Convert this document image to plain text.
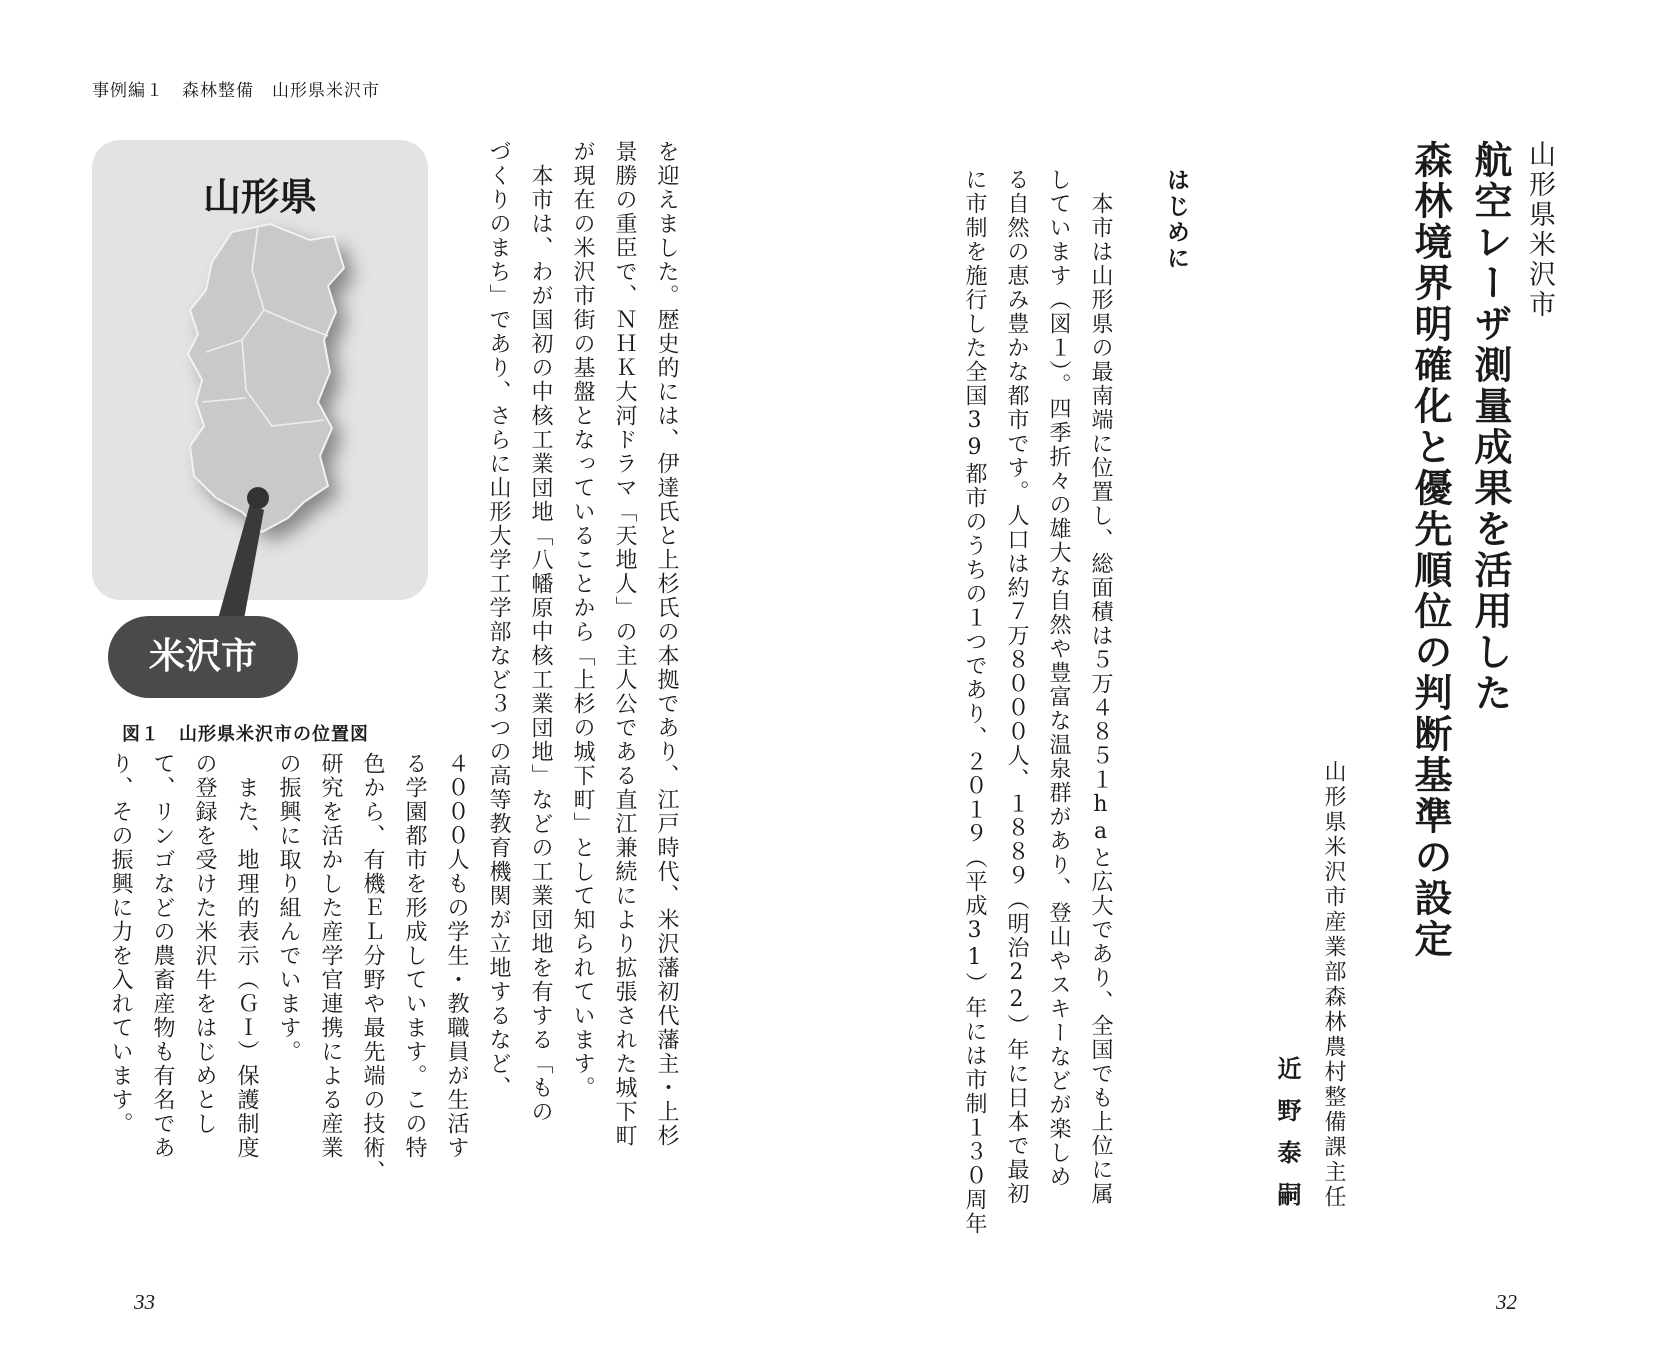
事例編１　森林整備　山形県米沢市
山形県
米沢市
図１　山形県米沢市の位置図	を迎えました。歴史的には、伊達氏と上杉氏の本拠であり、江戸時代、米沢藩初代藩主・上杉
景勝の重臣で、ＮＨＫ大河ドラマ「天地人」の主人公である直江兼続により拡張された城下町
が現在の米沢市街の基盤となっていることから「上杉の城下町」として知られています。
　本市は、わが国初の中核工業団地「八幡原中核工業団地」などの工業団地を有する「もの
づくりのまち」であり、さらに山形大学工学部など３つの高等教育機関が立地するなど、
４０００人もの学生・教職員が生活す
る学園都市を形成しています。この特
色から、有機ＥＬ分野や最先端の技術、
研究を活かした産学官連携による産業
の振興に取り組んでいます。
　また、地理的表示（ＧＩ）保護制度
の登録を受けた米沢牛をはじめとし
て、リンゴなどの農畜産物も有名であ
り、その振興に力を入れています。
33
山形県米沢市
航空レーザ測量成果を活用した
森林境界明確化と優先順位の判断基準の設定
山形県米沢市産業部森林農村整備課主任
近野泰嗣
はじめに
　本市は山形県の最南端に位置し、総面積は５万４８５１haと広大であり、全国でも上位に属
しています（図１）。四季折々の雄大な自然や豊富な温泉群があり、登山やスキーなどが楽しめ
る自然の恵み豊かな都市です。人口は約７万８０００人、１８８９（明治22）年に日本で最初
に市制を施行した全国39都市のうちの１つであり、２０１９（平成31）年には市制１３０周年
32
